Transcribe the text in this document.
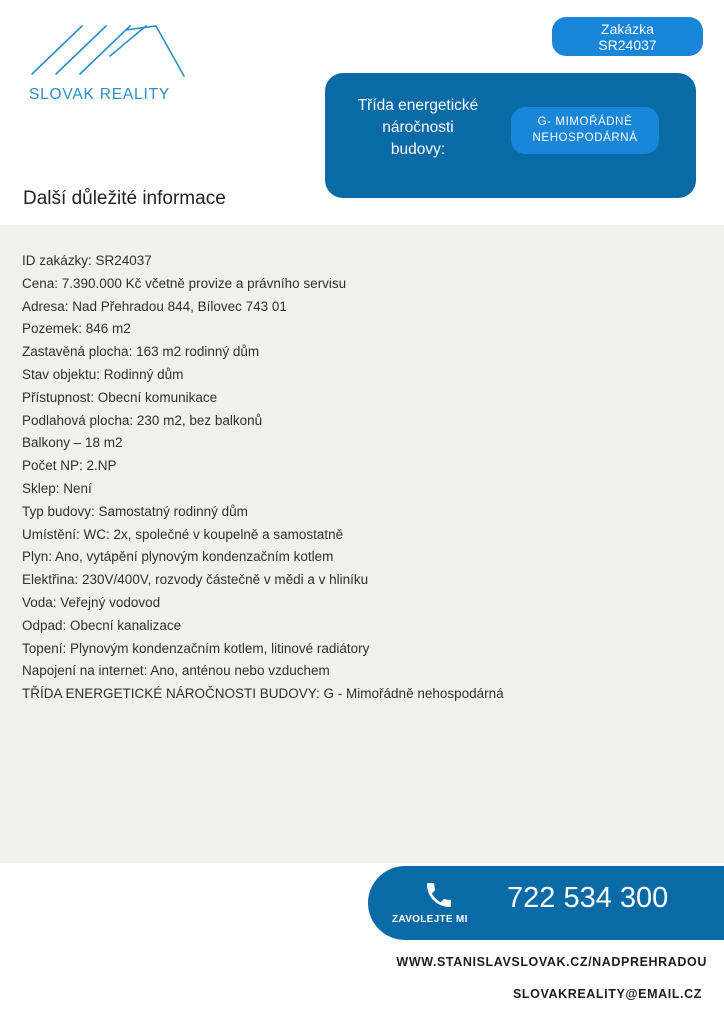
SLOVAK REALITY
Zakázka
SR24037
Třída energetické
náročnosti
budovy:
G- MIMOŘÁDNĚ
NEHOSPODÁRNÁ
Další důležité informace
ID zakázky: SR24037
Cena: 7.390.000 Kč včetně provize a právního servisu
Adresa: Nad Přehradou 844, Bílovec 743 01
Pozemek: 846 m2
Zastavěná plocha: 163 m2 rodinný dům
Stav objektu: Rodinný dům
Přístupnost: Obecní komunikace
Podlahová plocha: 230 m2, bez balkonů
Balkony – 18 m2
Počet NP: 2.NP
Sklep: Není
Typ budovy: Samostatný rodinný dům
Umístění: WC: 2x, společné v koupelně a samostatně
Plyn: Ano, vytápění plynovým kondenzačním kotlem
Elektřina: 230V/400V, rozvody částečně v mědi a v hliníku
Voda: Veřejný vodovod
Odpad: Obecní kanalizace
Topení: Plynovým kondenzačním kotlem, litinové radiátory
Napojení na internet: Ano, anténou nebo vzduchem
TŘÍDA ENERGETICKÉ NÁROČNOSTI BUDOVY: G - Mimořádně nehospodárná
ZAVOLEJTE MI
722 534 300
WWW.STANISLAVSLOVAK.CZ/NADPREHRADOU
SLOVAKREALITY@EMAIL.CZ
